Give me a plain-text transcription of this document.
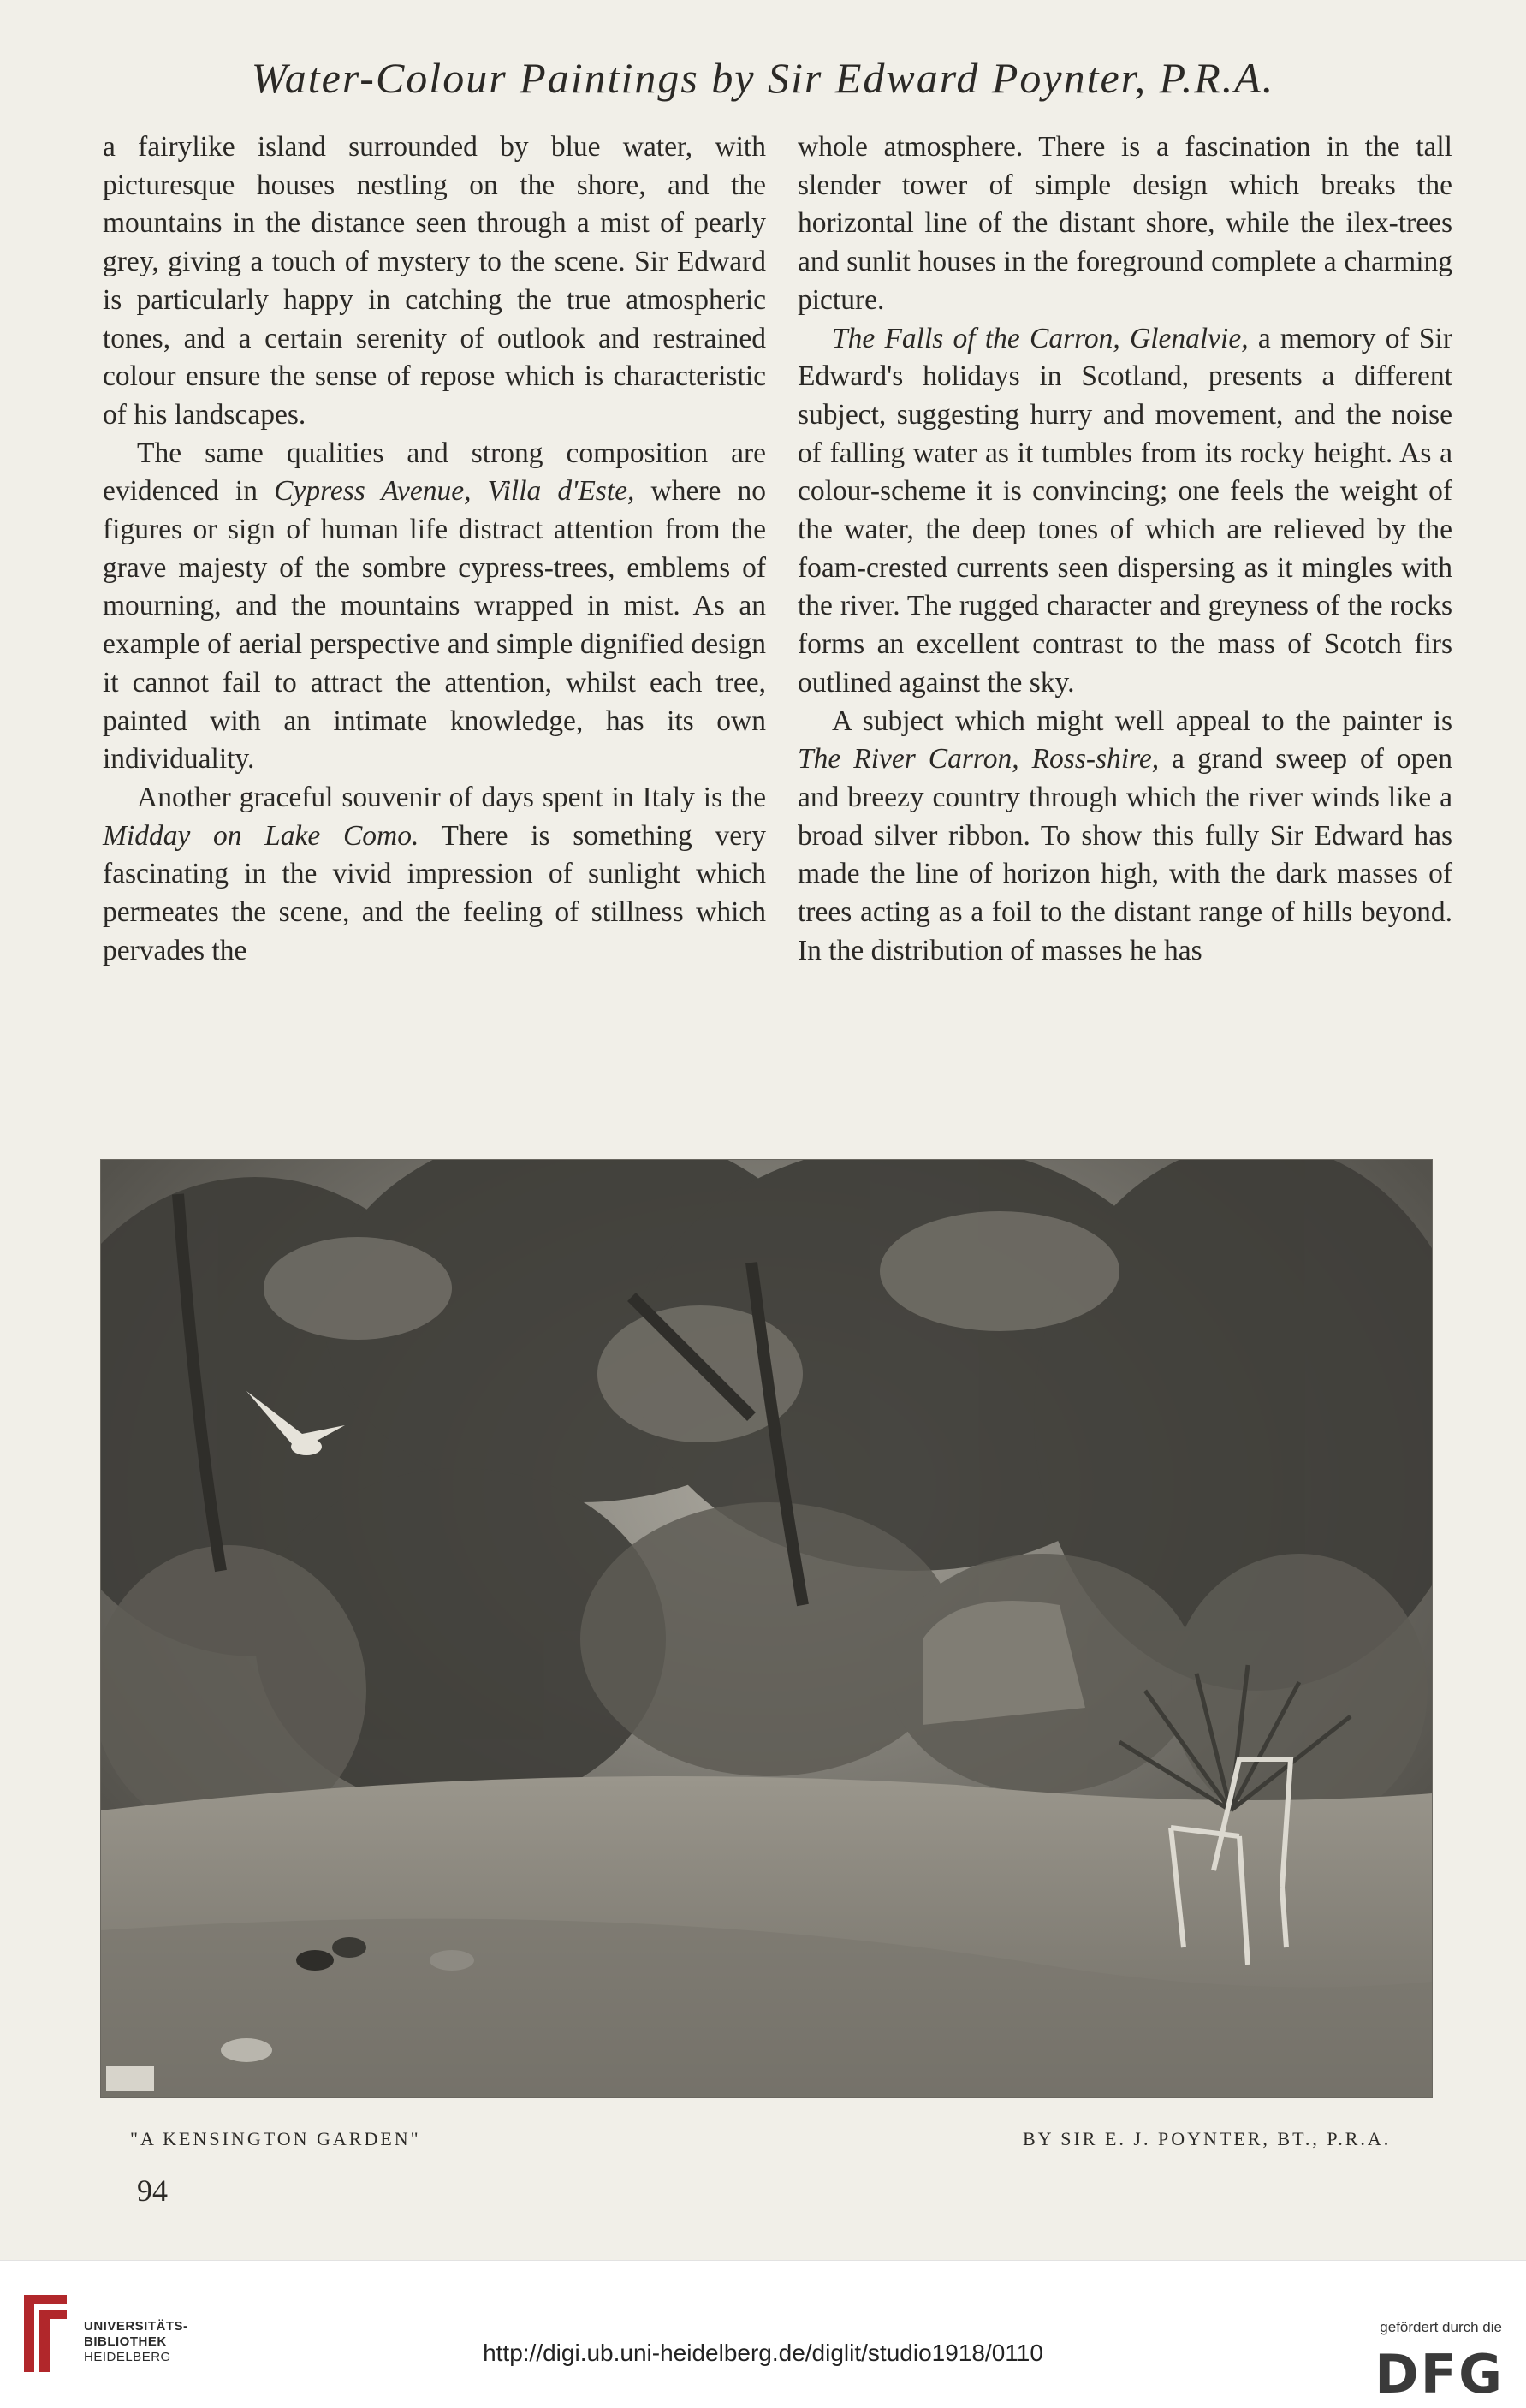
Water-Colour Paintings by Sir Edward Poynter, P.R.A.

a fairylike island surrounded by blue water, with picturesque houses nestling on the shore, and the mountains in the distance seen through a mist of pearly grey, giving a touch of mystery to the scene. Sir Edward is particularly happy in catching the true atmospheric tones, and a certain serenity of outlook and restrained colour ensure the sense of repose which is characteristic of his landscapes.

The same qualities and strong composition are evidenced in Cypress Avenue, Villa d'Este, where no figures or sign of human life distract attention from the grave majesty of the sombre cypress-trees, emblems of mourning, and the mountains wrapped in mist. As an example of aerial perspective and simple dignified design it cannot fail to attract the attention, whilst each tree, painted with an intimate knowledge, has its own individuality.

Another graceful souvenir of days spent in Italy is the Midday on Lake Como. There is something very fascinating in the vivid impression of sunlight which permeates the scene, and the feeling of stillness which pervades the

whole atmosphere. There is a fascination in the tall slender tower of simple design which breaks the horizontal line of the distant shore, while the ilex-trees and sunlit houses in the foreground complete a charming picture.

The Falls of the Carron, Glenalvie, a memory of Sir Edward's holidays in Scotland, presents a different subject, suggesting hurry and movement, and the noise of falling water as it tumbles from its rocky height. As a colour-scheme it is convincing; one feels the weight of the water, the deep tones of which are relieved by the foam-crested currents seen dispersing as it mingles with the river. The rugged character and greyness of the rocks forms an excellent contrast to the mass of Scotch firs outlined against the sky.

A subject which might well appeal to the painter is The River Carron, Ross-shire, a grand sweep of open and breezy country through which the river winds like a broad silver ribbon. To show this fully Sir Edward has made the line of horizon high, with the dark masses of trees acting as a foil to the distant range of hills beyond. In the distribution of masses he has

"A KENSINGTON GARDEN"	BY SIR E. J. POYNTER, BT., P.R.A.
94
UNIVERSITÄTS-
BIBLIOTHEK
HEIDELBERG	http://digi.ub.uni-heidelberg.de/diglit/studio1918/0110
gefördert durch die
DFG
